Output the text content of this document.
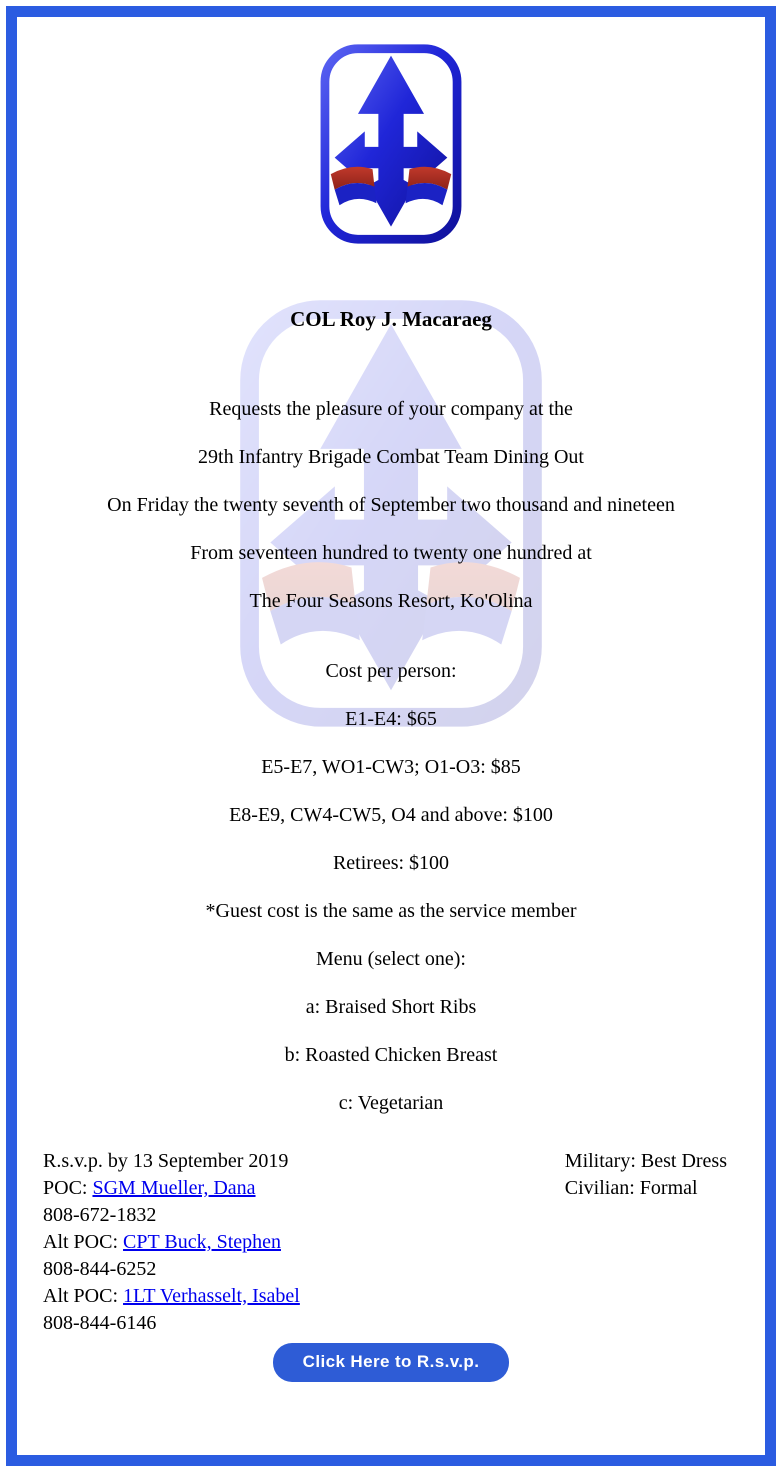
COL Roy J. Macaraeg

Requests the pleasure of your company at the

29th Infantry Brigade Combat Team Dining Out

On Friday the twenty seventh of September two thousand and nineteen

From seventeen hundred to twenty one hundred at

The Four Seasons Resort, Ko'Olina

Cost per person:

E1-E4: $65

E5-E7, WO1-CW3; O1-O3: $85

E8-E9, CW4-CW5, O4 and above: $100

Retirees: $100

*Guest cost is the same as the service member

Menu (select one):

a: Braised Short Ribs

b: Roasted Chicken Breast

c: Vegetarian

R.s.v.p. by 13 September 2019
POC: SGM Mueller, Dana
808-672-1832
Alt POC: CPT Buck, Stephen
808-844-6252
Alt POC: 1LT Verhasselt, Isabel
808-844-6146
Military: Best Dress
Civilian: Formal
Click Here to R.s.v.p.
